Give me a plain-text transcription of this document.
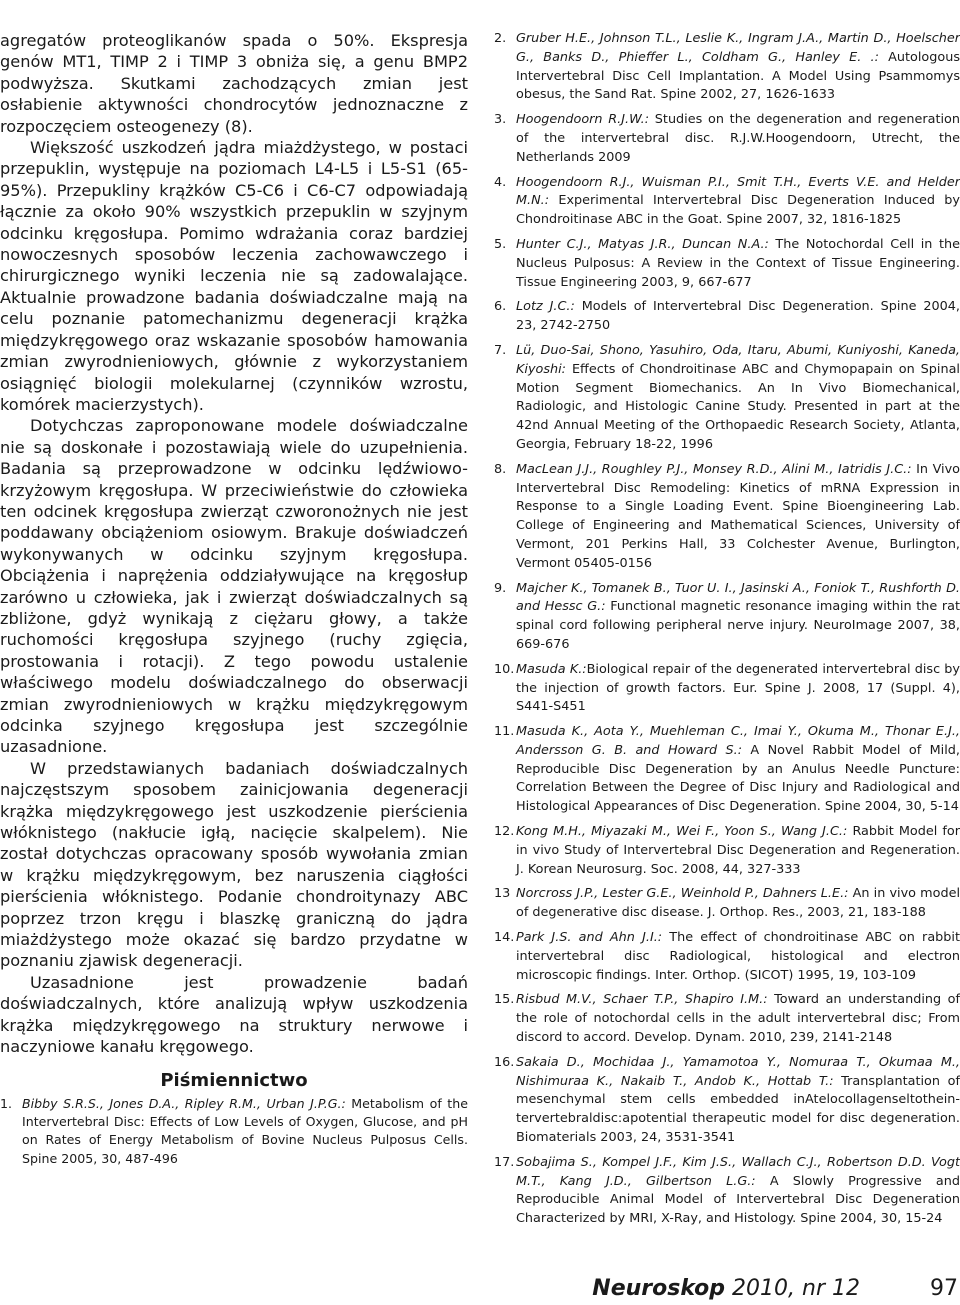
agregatów proteoglikanów spada o 50%. Ekspresja genów MT1, TIMP 2 i TIMP 3 obniża się, a genu BMP2 podwyższa. Skutkami zachodzących zmian jest osłabienie aktywności chondrocytów jednoznaczne z rozpoczęciem osteogenezy (8).

Większość uszkodzeń jądra miażdżystego, w postaci przepuklin, występuje na poziomach L4-L5 i L5-S1 (65-95%). Przepukliny krążków C5-C6 i C6-C7 odpowiadają łącznie za około 90% wszystkich przepuklin w szyjnym odcinku kręgosłupa. Pomimo wdrażania coraz bardziej nowoczesnych sposobów leczenia zachowawczego i chirurgicznego wyniki leczenia nie są zadowalające. Aktualnie prowadzone badania doświadczalne mają na celu poznanie patomechanizmu degeneracji krążka międzykręgowego oraz wskazanie sposobów hamowania zmian zwyrodnieniowych, głównie z wykorzystaniem osiągnięć biologii molekularnej (czynników wzrostu, komórek macierzystych).

Dotychczas zaproponowane modele doświadczalne nie są doskonałe i pozostawiają wiele do uzupełnienia. Badania są przeprowadzone w odcinku lędźwiowo-krzyżowym kręgosłupa. W przeciwieństwie do człowieka ten odcinek kręgosłupa zwierząt czworonożnych nie jest poddawany obciążeniom osiowym. Brakuje doświadczeń wykonywanych w odcinku szyjnym kręgosłupa. Obciążenia i naprężenia oddziaływujące na kręgosłup zarówno u człowieka, jak i zwierząt doświadczalnych są zbliżone, gdyż wynikają z ciężaru głowy, a także ruchomości kręgosłupa szyjnego (ruchy zgięcia, prostowania i rotacji). Z tego powodu ustalenie właściwego modelu doświadczalnego do obserwacji zmian zwyrodnieniowych w krążku międzykręgowym odcinka szyjnego kręgosłupa jest szczególnie uzasadnione.

W przedstawianych badaniach doświadczalnych najczęstszym sposobem zainicjowania degeneracji krążka międzykręgowego jest uszkodzenie pierścienia włóknistego (nakłucie igłą, nacięcie skalpelem). Nie został dotychczas opracowany sposób wywołania zmian w krążku międzykręgowym, bez naruszenia ciągłości pierścienia włóknistego. Podanie chondroitynazy ABC poprzez trzon kręgu i blaszkę graniczną do jądra miażdżystego może okazać się bardzo przydatne w poznaniu zjawisk degeneracji.

Uzasadnione jest prowadzenie badań doświadczalnych, które analizują wpływ uszkodzenia krążka międzykręgowego na struktury nerwowe i naczyniowe kanału kręgowego.

Piśmiennictwo
1. Bibby S.R.S., Jones D.A., Ripley R.M., Urban J.P.G.: Metabolism of the Intervertebral Disc: Effects of Low Levels of Oxygen, Glucose, and pH on Rates of Energy Metabolism of Bovine Nucleus Pulposus Cells. Spine 2005, 30, 487-496
2. Gruber H.E., Johnson T.L., Leslie K., Ingram J.A., Martin D., Hoelscher G., Banks D., Phieffer L., Coldham G., Hanley E. .: Autologous Intervertebral Disc Cell Implantation. A Model Using Psammomys obesus, the Sand Rat. Spine 2002, 27, 1626-1633
3. Hoogendoorn R.J.W.: Studies on the degeneration and regeneration of the intervertebral disc. R.J.W.Hoogendoorn, Utrecht, the Netherlands 2009
4. Hoogendoorn R.J., Wuisman P.I., Smit T.H., Everts V.E. and Helder M.N.: Experimental Intervertebral Disc Degeneration Induced by Chondroitinase ABC in the Goat. Spine 2007, 32, 1816-1825
5. Hunter C.J., Matyas J.R., Duncan N.A.: The Notochordal Cell in the Nucleus Pulposus: A Review in the Context of Tissue Engineering. Tissue Engineering 2003, 9, 667-677
6. Lotz J.C.: Models of Intervertebral Disc Degeneration. Spine 2004, 23, 2742-2750
7. Lü, Duo-Sai, Shono, Yasuhiro, Oda, Itaru, Abumi, Kuniyoshi, Kaneda, Kiyoshi: Effects of Chondroitinase ABC and Chymopapain on Spinal Motion Segment Biomechanics. An In Vivo Biomechanical, Radiologic, and Histologic Canine Study. Presented in part at the 42nd Annual Meeting of the Orthopaedic Research Society, Atlanta, Georgia, February 18-22, 1996
8. MacLean J.J., Roughley P.J., Monsey R.D., Alini M., Iatridis J.C.: In Vivo Intervertebral Disc Remodeling: Kinetics of mRNA Expression in Response to a Single Loading Event. Spine Bioengineering Lab. College of Engineering and Mathematical Sciences, University of Vermont, 201 Perkins Hall, 33 Colchester Avenue, Burlington, Vermont 05405-0156
9. Majcher K., Tomanek B., Tuor U. I., Jasinski A., Foniok T., Rushforth D. and Hessc G.: Functional magnetic resonance imaging within the rat spinal cord following peripheral nerve injury. NeuroImage 2007, 38, 669-676
10. Masuda K.:Biological repair of the degenerated intervertebral disc by the injection of growth factors. Eur. Spine J. 2008, 17 (Suppl. 4), S441-S451
11. Masuda K., Aota Y., Muehleman C., Imai Y., Okuma M., Thonar E.J., Andersson G. B. and Howard S.: A Novel Rabbit Model of Mild, Reproducible Disc Degeneration by an Anulus Needle Puncture: Correlation Between the Degree of Disc Injury and Radiological and Histological Appearances of Disc Degeneration. Spine 2004, 30, 5-14
12. Kong M.H., Miyazaki M., Wei F., Yoon S., Wang J.C.: Rabbit Model for in vivo Study of Intervertebral Disc Degeneration and Regeneration. J. Korean Neurosurg. Soc. 2008, 44, 327-333
13 Norcross J.P., Lester G.E., Weinhold P., Dahners L.E.: An in vivo model of degenerative disc disease. J. Orthop. Res., 2003, 21, 183-188
14. Park J.S. and Ahn J.I.: The effect of chondroitinase ABC on rabbit intervertebral disc Radiological, histological and electron microscopic findings. Inter. Orthop. (SICOT) 1995, 19, 103-109
15. Risbud M.V., Schaer T.P., Shapiro I.M.: Toward an understanding of the role of notochordal cells in the adult intervertebral disc; From discord to accord. Develop. Dynam. 2010, 239, 2141-2148
16. Sakaia D., Mochidaa J., Yamamotoa Y., Nomuraa T., Okumaa M., Nishimuraa K., Nakaib T., Andob K., Hottab T.: Transplantation of mesenchymal stem cells embedded inAtelocollagenseltothein-tervertebraldisc:apotential therapeutic model for disc degeneration. Biomaterials 2003, 24, 3531-3541
17. Sobajima S., Kompel J.F., Kim J.S., Wallach C.J., Robertson D.D. Vogt M.T., Kang J.D., Gilbertson L.G.: A Slowly Progressive and Reproducible Animal Model of Intervertebral Disc Degeneration Characterized by MRI, X-Ray, and Histology. Spine 2004, 30, 15-24
Neuroskop 2010, nr 12	97
